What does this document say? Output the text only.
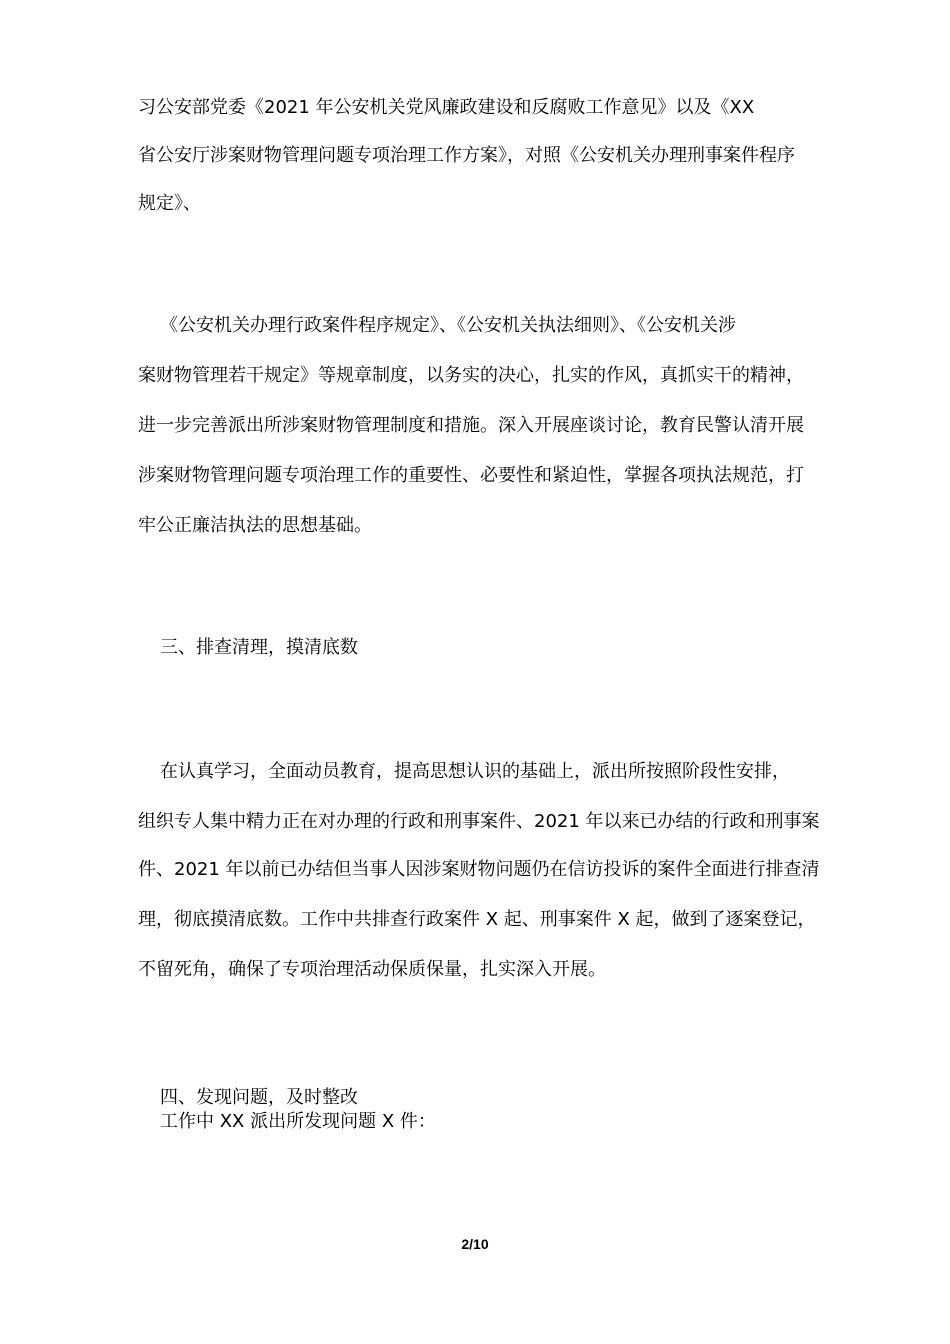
习公安部党委《2021 年公安机关党风廉政建设和反腐败工作意见》以及《XX
省公安厅涉案财物管理问题专项治理工作方案》，对照《公安机关办理刑事案件程序
规定》、
《公安机关办理行政案件程序规定》、《公安机关执法细则》、《公安机关涉
案财物管理若干规定》等规章制度，以务实的决心，扎实的作风，真抓实干的精神，
进一步完善派出所涉案财物管理制度和措施。深入开展座谈讨论，教育民警认清开展
涉案财物管理问题专项治理工作的重要性、必要性和紧迫性，掌握各项执法规范，打
牢公正廉洁执法的思想基础。
三、排查清理，摸清底数
在认真学习，全面动员教育，提高思想认识的基础上，派出所按照阶段性安排，
组织专人集中精力正在对办理的行政和刑事案件、2021 年以来已办结的行政和刑事案
件、2021 年以前已办结但当事人因涉案财物问题仍在信访投诉的案件全面进行排查清
理，彻底摸清底数。工作中共排查行政案件 X 起、刑事案件 X 起，做到了逐案登记，
不留死角，确保了专项治理活动保质保量，扎实深入开展。
四、发现问题，及时整改
工作中 XX 派出所发现问题 X 件：
2/10
